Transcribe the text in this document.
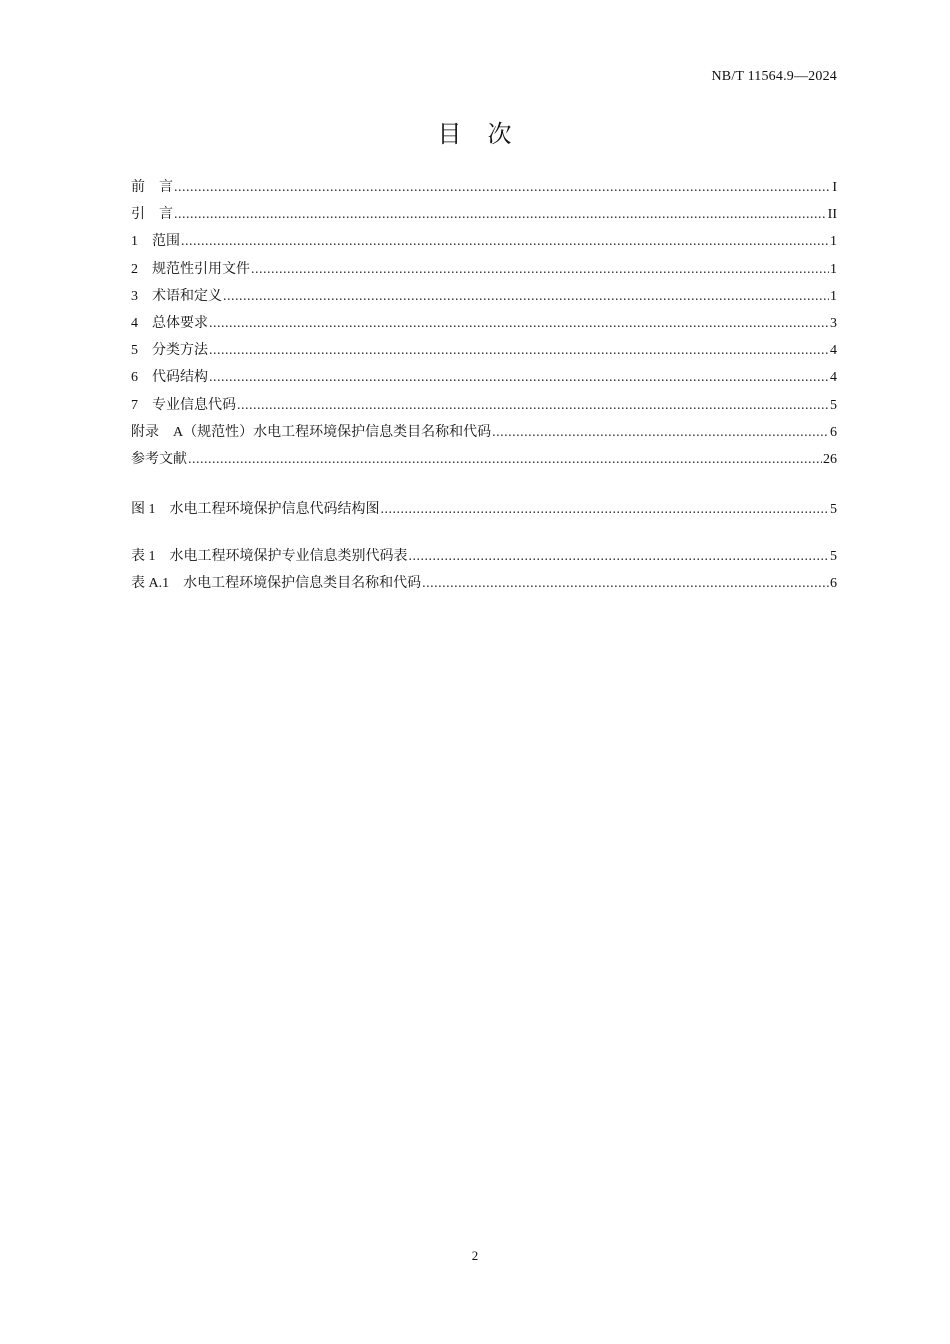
NB/T 11564.9—2024
目　次
前　言 .....	I
引　言 .....	II
1　范围 .....	1
2　规范性引用文件 .....	1
3　术语和定义 .....	1
4　总体要求 .....	3
5　分类方法 .....	4
6　代码结构 .....	4
7　专业信息代码 .....	5
附录　A（规范性）水电工程环境保护信息类目名称和代码 .....	6
参考文献 .....	26
图 1　水电工程环境保护信息代码结构图 .....	5
表 1　水电工程环境保护专业信息类别代码表 .....	5
表 A.1　水电工程环境保护信息类目名称和代码 .....	6
2
